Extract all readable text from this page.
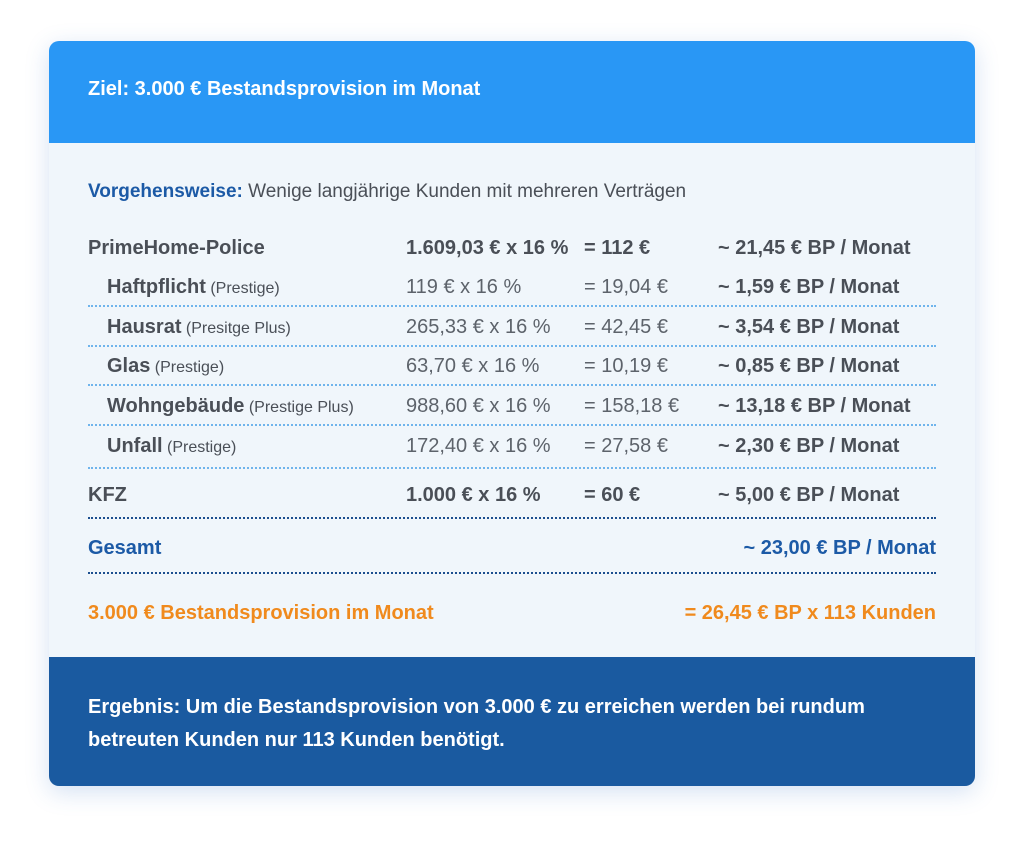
Ziel: 3.000 € Bestandsprovision im Monat
Vorgehensweise: Wenige langjährige Kunden mit mehreren Verträgen
PrimeHome-Police	1.609,03 € x 16 % = 112 €	~ 21,45 € BP / Monat
Haftpflicht (Prestige)	119 € x 16 %	= 19,04 €	~ 1,59 € BP / Monat
Hausrat (Presitge Plus)	265,33 € x 16 % = 42,45 €	~ 3,54 € BP / Monat
Glas (Prestige)	63,70 € x 16 % = 10,19 €	~ 0,85 € BP / Monat
Wohngebäude (Prestige Plus)	988,60 € x 16 % = 158,18 € ~ 13,18 € BP / Monat
Unfall (Prestige)	172,40 € x 16 % = 27,58 €	~ 2,30 € BP / Monat
KFZ	1.000 € x 16 % = 60 €	~ 5,00 € BP / Monat
Gesamt	~ 23,00 € BP / Monat
3.000 € Bestandsprovision im Monat	= 26,45 € BP x 113 Kunden
Ergebnis: Um die Bestandsprovision von 3.000 € zu erreichen werden bei rundum betreuten Kunden nur 113 Kunden benötigt.
